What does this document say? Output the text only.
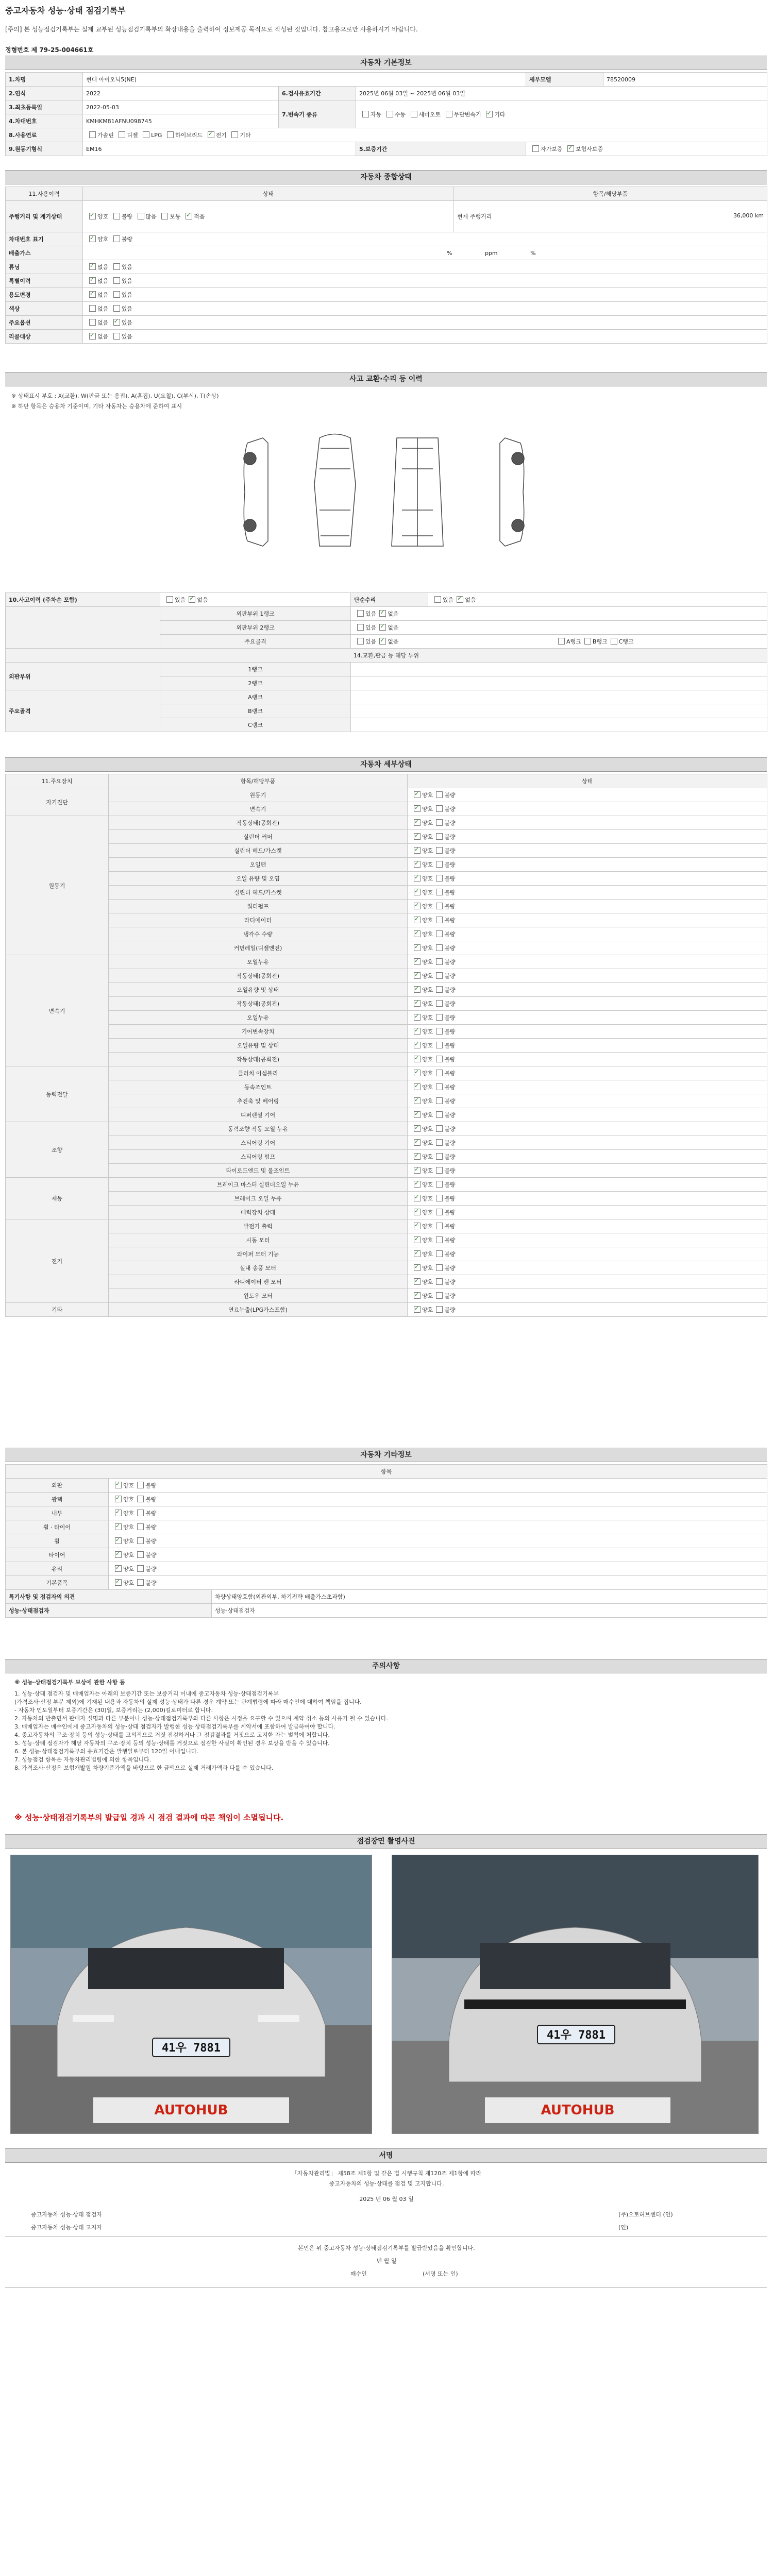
중고자동차 성능·상태 점검기록부
[주의] 본 성능점검기록부는 실제 교부된 성능점검기록부의 확장내용을 출력하여 정보제공 목적으로 작성된 것입니다. 참고용으로만 사용하시기 바랍니다.
정형번호 제 79-25-004661호
자동차 기본정보
1.차명	현대 아이오닉5(NE)			세부모델	78520009
2.연식	2022	6.검사유효기간	2025년 06월 03일 ~ 2025년 06월 03일		
3.최초등록일	2022-05-03	7.변속기 종류	자동 수동 세미오토 무단변속기 ✓ 기타
4.차대번호	KMHKM81AFNU098745				
8.사용연료	가솔린 디젤 LPG 하이브리드 ✓ 전기 기타
9.원동기형식	EM16		5.보증기간	자가보증 ✓ 보험사보증
자동차 종합상태
11.사용이력	상태	항목/해당부품
주행거리 및 계기상태	✓양호 불량 많음 보통 ✓ 적음	현재 주행거리 36,000 km

차대번호 표기	✓양호 불량
배출가스	% ppm %	
튜닝	✓없음 있음
특별이력	✓없음 있음
용도변경	✓없음 있음
색상	없음 있음	
주요옵션	없음 ✓ 있음
리콜대상	✓없음 있음
사고 교환·수리 등 이력
※ 상태표시 부호 : X(교환), W(판금 또는 용접), A(흠집), U(요철), C(부식), T(손상)
※ 하단 항목은 승용차 기준이며, 기타 자동차는 승용차에 준하여 표시
10.사고이력 (주차손 포함)	있음 ✓ 없음	단순수리	있음 ✓ 없음
	외판부위 1랭크	있음 ✓ 없음
	외판부위 2랭크	있음 ✓ 없음
	주요골격	있음 ✓ 없음 A랭크 B랭크 C랭크
14.교환,판금 등 해당 부위			
외판부위	1랭크		
	2랭크		
주요골격	A랭크		
	B랭크		
	C랭크		
자동차 세부상태
11.주요장치	항목/해당부품	상태
자기진단	원동기	✓양호 불량
	변속기	✓양호 불량
원동기	작동상태(공회전)	✓양호 불량
	실린더 커버	✓양호 불량
	실린더 헤드/가스켓	✓양호 불량
	오일팬	✓양호 불량
	오일 유량 및 오염	✓양호 불량
	실린더 헤드/가스켓	✓양호 불량
	워터펌프	✓양호 불량
	라디에이터	✓양호 불량
	냉각수 수량	✓양호 불량
	커먼레일(디젤엔진)	✓양호 불량
변속기	오일누유	✓양호 불량
	작동상태(공회전)	✓양호 불량
	오일유량 및 상태	✓양호 불량
	작동상태(공회전)	✓양호 불량
	오일누유	✓양호 불량
	기어변속장치	✓양호 불량
	오일유량 및 상태	✓양호 불량
	작동상태(공회전)	✓양호 불량
동력전달	클러치 어셈블리	✓양호 불량
	등속조인트	✓양호 불량
	추진축 및 베어링	✓양호 불량
	디퍼렌셜 기어	✓양호 불량
조향	동력조향 작동 오일 누유	✓양호 불량
	스티어링 기어	✓양호 불량
	스티어링 펌프	✓양호 불량
	타이로드엔드 및 볼조인트	✓양호 불량
제동	브레이크 마스터 실린더오일 누유	✓양호 불량
	브레이크 오일 누유	✓양호 불량
	배력장치 상태	✓양호 불량
전기	발전기 출력	✓양호 불량
	시동 모터	✓양호 불량
	와이퍼 모터 기능	✓양호 불량
	실내 송풍 모터	✓양호 불량
	라디에이터 팬 모터	✓양호 불량
	윈도우 모터	✓양호 불량
기타	연료누출(LPG가스포함)	✓양호 불량
자동차 기타정보
항목		
외판	✓양호 불량
광택	✓양호 불량
내부	✓양호 불량
휠 · 타이어	✓양호 불량
휠	✓양호 불량
타이어	✓양호 불량
유리	✓양호 불량
기본품목	✓양호 불량
특기사항 및 점검자의 의견		차량상태양호함(외관외부, 하기전략 배출가스초과함)
성능·상태점검자		성능·상태점검자
주의사항
※ 성능·상태점검기록부 보상에 관한 사항 등
1. 성능·상태 점검자 및 매매업자는 아래의 보증기간 또는 보증거리 이내에 중고자동차 성능·상태점검기록부
(가격조사·산정 부분 제외)에 기재된 내용과 자동차의 실제 성능·상태가 다른 경우 계약 또는 관계법령에 따라 매수인에 대하여 책임을 집니다.
- 자동차 인도일부터 보증기간은 (30)일, 보증거리는 (2,000)킬로미터로 합니다.
2. 자동차의 반출면서 판매자 설명과 다른 부분이나 성능·상태점검기록부와 다른 사항은 시정을 요구할 수 있으며 계약 취소 등의 사유가 될 수 있습니다.
3. 매매업자는 매수인에게 중고자동차의 성능·상태 점검자가 발행한 성능·상태점검기록부를 계약서에 포함하여 발급하여야 합니다.
4. 중고자동차의 구조·장치 등의 성능·상태를 고의적으로 거짓 점검하거나 그 점검결과를 거짓으로 고지한 자는 벌칙에 처합니다.
5. 성능·상태 점검자가 해당 자동차의 구조·장치 등의 성능·상태를 거짓으로 점검한 사실이 확인된 경우 보상을 받을 수 있습니다.
6. 본 성능·상태점검기록부의 유효기간은 발행일로부터 120일 이내입니다.
7. 성능점검 항목은 자동차관리법령에 의한 항목입니다.
8. 가격조사·산정은 보험개발원 차량기준가액을 바탕으로 한 금액으로 실제 거래가액과 다를 수 있습니다.
※ 성능·상태점검기록부의 발급일 경과 시 점검 결과에 따른 책임이 소멸됩니다.
점검장면 촬영사진
41우 7881
AUTOHUB
41우 7881
AUTOHUB
서명
「자동차관리법」 제58조 제1항 및 같은 법 시행규칙 제120조 제1항에 따라
중고자동차의 성능·상태를 점검 및 고지합니다.
2025 년 06 월 03 일
중고자동차 성능·상태 점검자	(주)오토허브센터 (인)
중고자동차 성능·상태 고지자	(인)
본인은 위 중고자동차 성능·상태점검기록부를 발급받았음을 확인합니다.
년 월 일
매수인	(서명 또는 인)
